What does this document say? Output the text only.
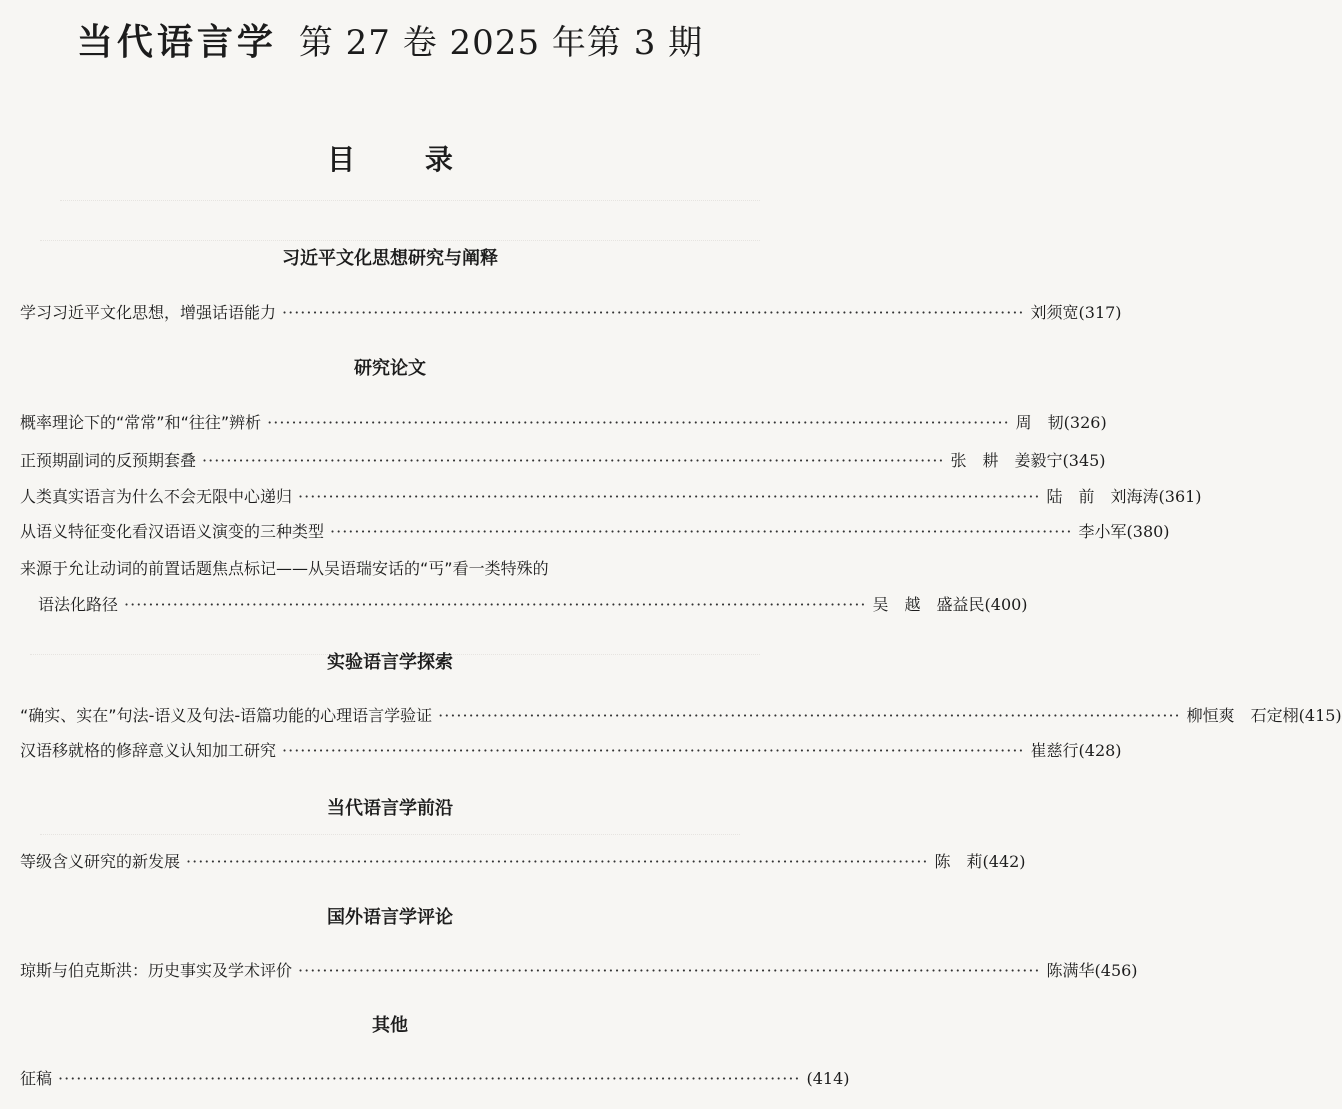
当代语言学 第 27 卷 2025 年第 3 期
目 录
习近平文化思想研究与阐释
学习习近平文化思想，增强话语能力 ·························································································································· 刘须宽 (317)
研究论文
概率理论下的“常常”和“往往”辨析 ·························································································································· 周　韧 (326)
正预期副词的反预期套叠 ·························································································································· 张　耕　姜毅宁 (345)
人类真实语言为什么不会无限中心递归 ·························································································································· 陆　前　刘海涛 (361)
从语义特征变化看汉语语义演变的三种类型 ·························································································································· 李小军 (380)
来源于允让动词的前置话题焦点标记——从吴语瑞安话的“丐”看一类特殊的
语法化路径 ·························································································································· 吴　越　盛益民 (400)
实验语言学探索
“确实、实在”句法-语义及句法-语篇功能的心理语言学验证 ·························································································································· 柳恒爽　石定栩 (415)
汉语移就格的修辞意义认知加工研究 ·························································································································· 崔慈行 (428)
当代语言学前沿
等级含义研究的新发展 ·························································································································· 陈　莉 (442)
国外语言学评论
琼斯与伯克斯洪：历史事实及学术评价 ·························································································································· 陈满华 (456)
其他
征稿 ·························································································································· (414)
